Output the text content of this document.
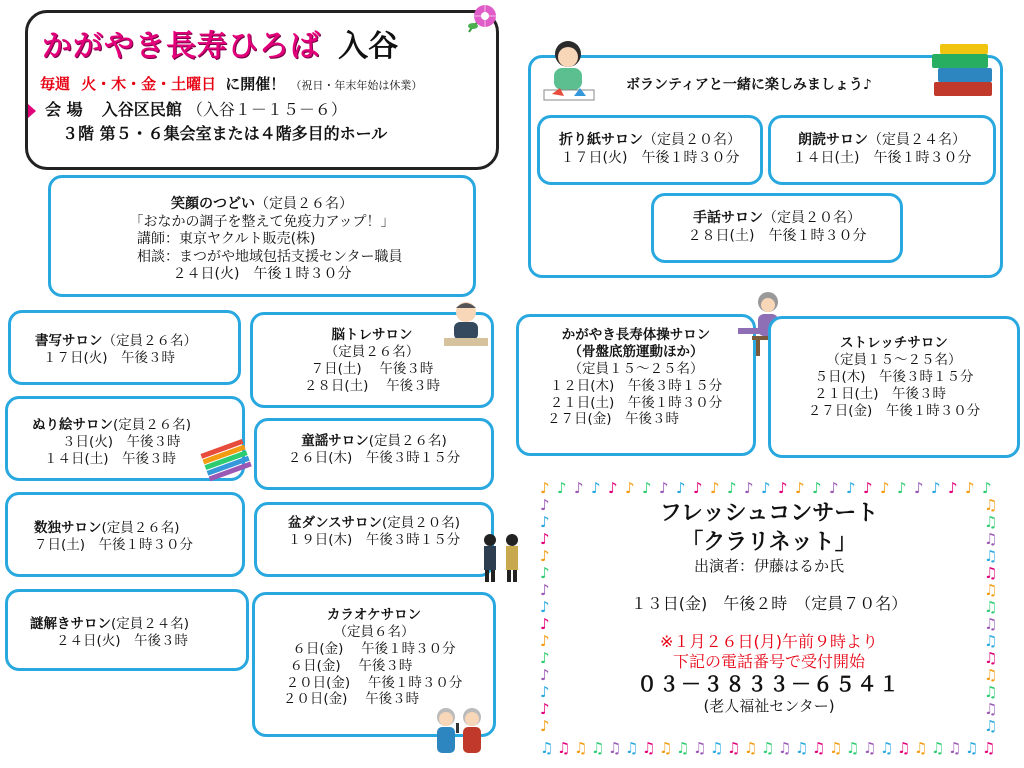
かがやき長寿ひろば 入谷
毎週 火・木・金・土曜日 に開催！ （祝日・年末年始は休業）
会 場 入谷区民館 （入谷１－１５－６）
３階 第５・６集会室または４階多目的ホール
笑顔のつどい（定員２６名）
「おなかの調子を整えて免疫力アップ！」
講師：東京ヤクルト販売(株)
相談：まつがや地域包括支援センター職員
２４日(火)　午後１時３０分
ボランティアと一緒に楽しみましょう♪
折り紙サロン（定員２０名）
１７日(火)　午後１時３０分
朗読サロン（定員２４名）
１４日(土)　午後１時３０分
手話サロン（定員２０名）
２８日(土)　午後１時３０分
書写サロン（定員２６名）
１７日(火)　午後３時
ぬり絵サロン(定員２６名)
３日(火)　午後３時
１４日(土)　午後３時
数独サロン(定員２６名)
７日(土)　午後１時３０分
謎解きサロン(定員２４名)
２４日(火)　午後３時
脳トレサロン
（定員２６名）
７日(土)　 午後３時
２８日(土)　 午後３時
童謡サロン(定員２６名)
２６日(木)　午後３時１５分
盆ダンスサロン(定員２０名)
１９日(木)　午後３時１５分
カラオケサロン
（定員６名）
６日(金)　 午後１時３０分
６日(金)　 午後３時
２０日(金)　 午後１時３０分
２０日(金)　 午後３時
かがやき長寿体操サロン
（骨盤底筋運動ほか）
（定員１５～２５名）
１２日(木)　午後３時１５分
２１日(土)　午後１時３０分
２７日(金)　午後３時
ストレッチサロン
（定員１５～２５名）
５日(木)　午後３時１５分
２１日(土)　午後３時
２７日(金)　午後１時３０分
♪
♫
♪
♫
♪
♫
♪
♫
♪
♫
♪
♫
♪
♫
♪
♫
♪
♫
♪
♫
♪
♫
♪
♫
♪
♫
♪
♫
♪
♫
♪
♫
♪
♫
♪
♫
♪
♫
♪
♫
♪
♫
♪
♫
♪
♫
♪
♫
♪
♫
♪
♫
♪
♫
♪	♫
♪	♫
♪	♫
♪	♫
♪	♫
♪	♫
♪	♫
♪	♫
♪	♫
♪	♫
♪	♫
♪	♫
♪	♫
♪	♫
フレッシュコンサート
「クラリネット」
出演者：伊藤はるか氏
１３日(金)　午後２時　（定員７０名）
※１月２６日(月)午前９時より
下記の電話番号で受付開始
０３－３８３３－６５４１
(老人福祉センター)
